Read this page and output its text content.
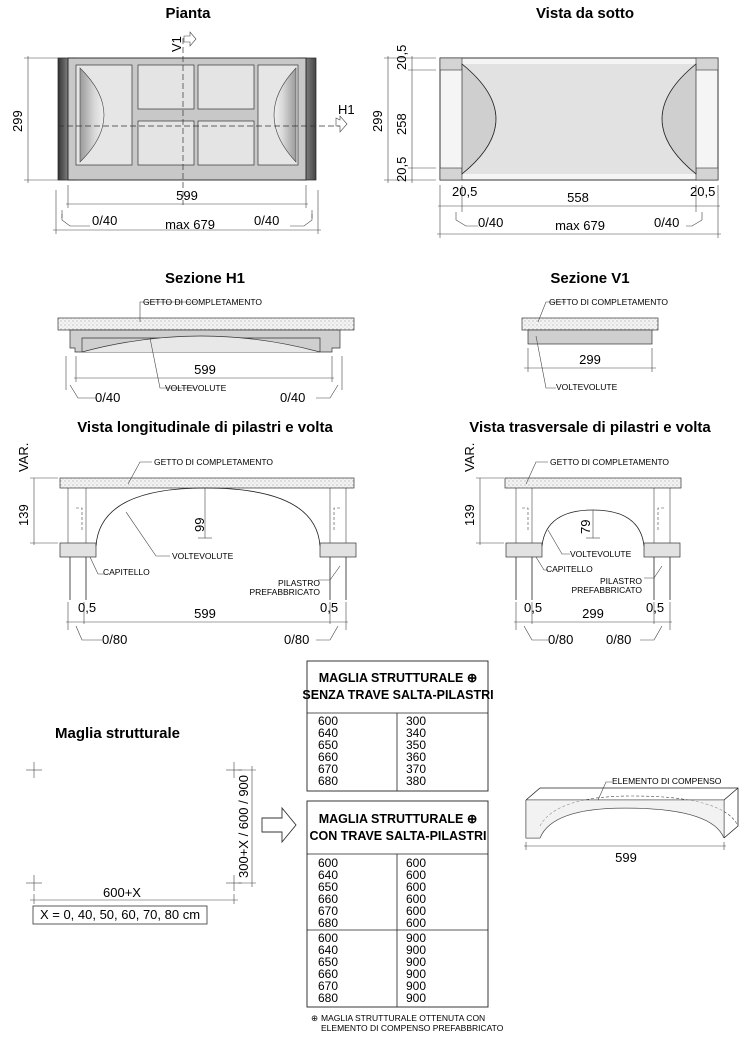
Pianta	Vista da sotto
Sezione H1	Sezione V1
Vista longitudinale di pilastri e volta	Vista trasversale di pilastri e volta
Maglia strutturale
V1
H1
299
599
0/40	0/40
max 679
299
20,5
258
20,5
20,5	558	20,5
0/40	0/40
max 679
GETTO DI COMPLETAMENTO
599
VOLTEVOLUTE
0/40	0/40
GETTO DI COMPLETAMENTO
299
VOLTEVOLUTE
99
VAR.
139
GETTO DI COMPLETAMENTO
VOLTEVOLUTE
CAPITELLO
PILASTRO
PREFABBRICATO
0,5	599	0,5
0/80	0/80
79
VAR.
139
GETTO DI COMPLETAMENTO
VOLTEVOLUTE
CAPITELLO
PILASTRO
PREFABBRICATO
0,5	299	0,5
0/80	0/80
300+X / 600 / 900
600+X
X = 0, 40, 50, 60, 70, 80 cm
MAGLIA STRUTTURALE ⊕
SENZA TRAVE SALTA-PILASTRI
600	300
640	340
650	350
660	360
670	370
680	380
MAGLIA STRUTTURALE ⊕
CON TRAVE SALTA-PILASTRI
600	600
640	600
650	600
660	600
670	600
680	600
600	900
640	900
650	900
660	900
670	900
680	900
⊕ MAGLIA STRUTTURALE OTTENUTA CON
ELEMENTO DI COMPENSO PREFABBRICATO
ELEMENTO DI COMPENSO
599
